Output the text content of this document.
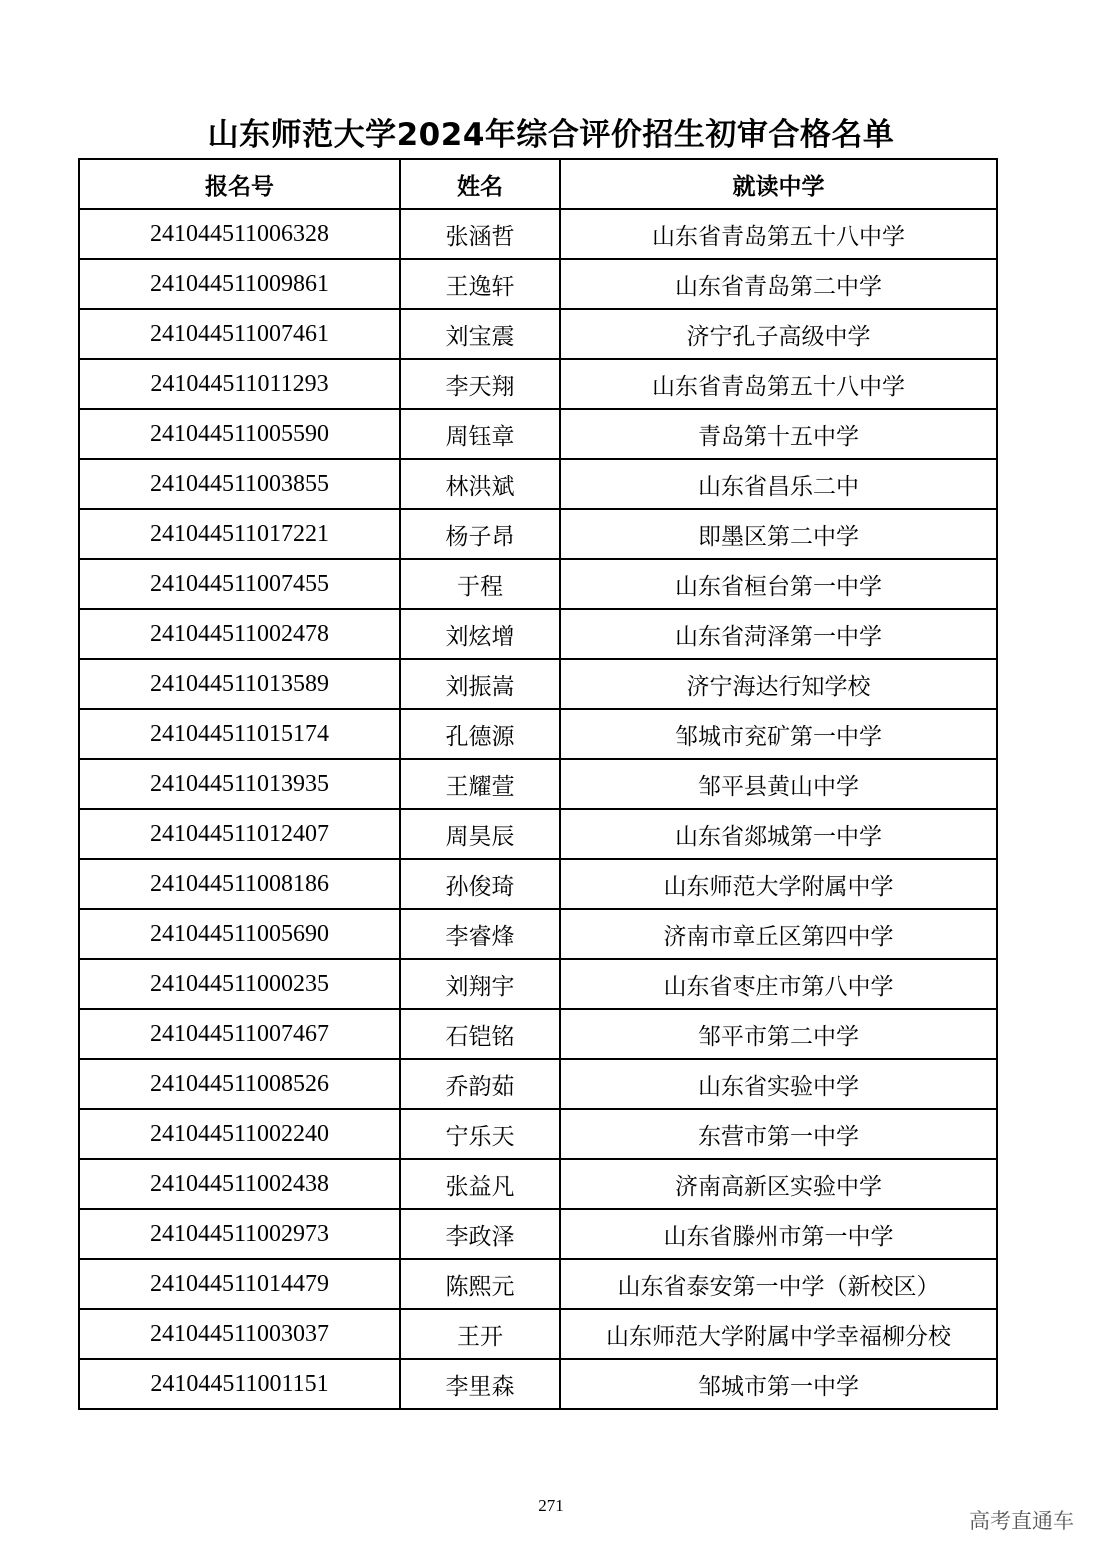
山东师范大学2024年综合评价招生初审合格名单
报名号	姓名	就读中学
241044511006328	张涵哲	山东省青岛第五十八中学
241044511009861	王逸轩	山东省青岛第二中学
241044511007461	刘宝震	济宁孔子高级中学
241044511011293	李天翔	山东省青岛第五十八中学
241044511005590	周钰章	青岛第十五中学
241044511003855	林洪斌	山东省昌乐二中
241044511017221	杨子昂	即墨区第二中学
241044511007455	于程	山东省桓台第一中学
241044511002478	刘炫增	山东省菏泽第一中学
241044511013589	刘振嵩	济宁海达行知学校
241044511015174	孔德源	邹城市兖矿第一中学
241044511013935	王耀萱	邹平县黄山中学
241044511012407	周昊辰	山东省郯城第一中学
241044511008186	孙俊琦	山东师范大学附属中学
241044511005690	李睿烽	济南市章丘区第四中学
241044511000235	刘翔宇	山东省枣庄市第八中学
241044511007467	石铠铭	邹平市第二中学
241044511008526	乔韵茹	山东省实验中学
241044511002240	宁乐天	东营市第一中学
241044511002438	张益凡	济南高新区实验中学
241044511002973	李政泽	山东省滕州市第一中学
241044511014479	陈熙元	山东省泰安第一中学（新校区）
241044511003037	王开	山东师范大学附属中学幸福柳分校
241044511001151	李里森	邹城市第一中学
271
高考直通车
